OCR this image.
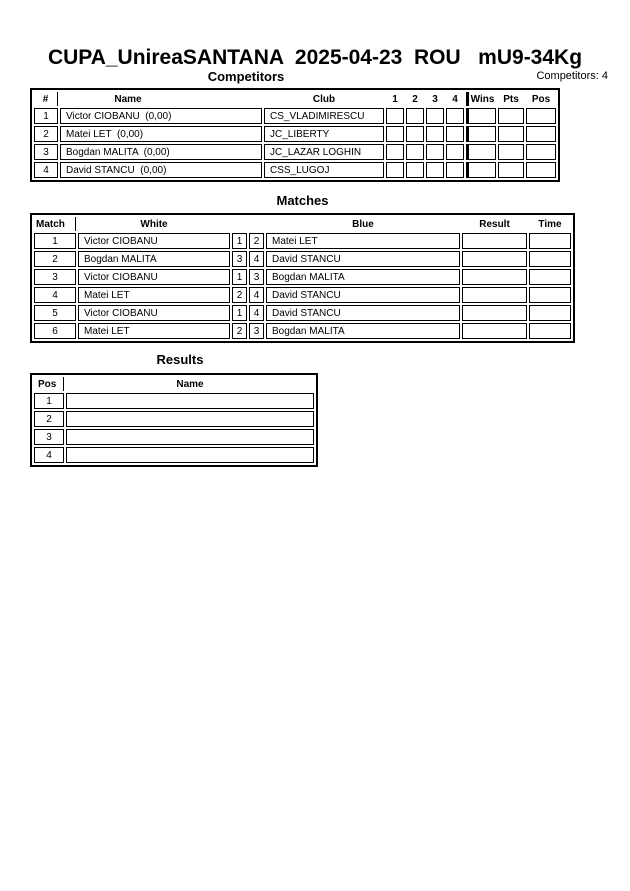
CUPA_UnireaSANTANA  2025-04-23  ROU   mU9-34Kg
Competitors	Competitors: 4
#	Name	Club	1	2	3	4	Wins	Pts	Pos
1	Victor CIOBANU  (0,00)	CS_VLADIMIRESCU							
2	Matei LET  (0,00)	JC_LIBERTY							
3	Bogdan MALITA  (0,00)	JC_LAZAR LOGHIN							
4	David STANCU  (0,00)	CSS_LUGOJ							
Matches
Match	White			Blue	Result	Time
1	Victor CIOBANU	1	2	Matei LET		
2	Bogdan MALITA	3	4	David STANCU		
3	Victor CIOBANU	1	3	Bogdan MALITA		
4	Matei LET	2	4	David STANCU		
5	Victor CIOBANU	1	4	David STANCU		
6	Matei LET	2	3	Bogdan MALITA		
Results
Pos	Name
1	
2	
3	
4	
